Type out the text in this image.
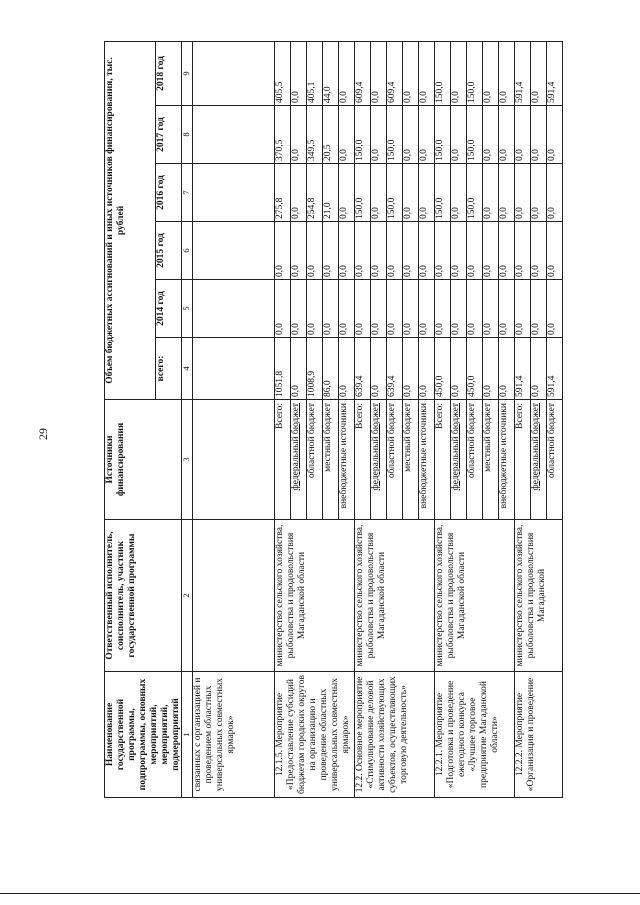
29
Наименование государственной программы, подпрограммы, основных мероприятий, мероприятий, подмероприятий	Ответственный исполнитель, соисполнитель, участник государственной программы	Источники финансирования	Объем бюджетных ассигнований и иных источников финансирования, тыс. рублей					
			всего:	2014 год	2015 год	2016 год	2017 год	2018 год
1	2	3	4	5	6	7	8	9
связанных с организацией и проведением областных универсальных совместных ярмарок»								
12.1.5. Мероприятие «Предоставление субсидий бюджетам городских округов на организацию и проведение областных универсальных совместных ярмарок»	министерство сельского хозяйства, рыболовства и продовольствия Магаданской области	Всего:	1051,8	0,0	0,0	275,8	370,5	405,5
		федеральный бюджет	0,0	0,0	0,0	0,0	0,0	0,0
		областной бюджет	1008,9	0,0	0,0	254,8	349,5	405,1
		местный бюджет	86,0	0,0	0,0	21,0	20,5	44,0
		внебюджетные источники	0,0	0,0	0,0	0,0	0,0	0,0
12.2. Основное мероприятие «Стимулирование деловой активности хозяйствующих субъектов, осуществляющих торговую деятельность»	министерство сельского хозяйства, рыболовства и продовольствия Магаданской области	Всего:	639,4	0,0	0,0	150,0	150,0	609,4
		федеральный бюджет	0,0	0,0	0,0	0,0	0,0	0,0
		областной бюджет	639,4	0,0	0,0	150,0	150,0	609,4
		местный бюджет	0,0	0,0	0,0	0,0	0,0	0,0
		внебюджетные источники	0,0	0,0	0,0	0,0	0,0	0,0
12.2.1. Мероприятие «Подготовка и проведение ежегодного конкурса «Лучшее торговое предприятие Магаданской области»	министерство сельского хозяйства, рыболовства и продовольствия Магаданской области	Всего:	450,0	0,0	0,0	150,0	150,0	150,0
		федеральный бюджет	0,0	0,0	0,0	0,0	0,0	0,0
		областной бюджет	450,0	0,0	0,0	150,0	150,0	150,0
		местный бюджет	0,0	0,0	0,0	0,0	0,0	0,0
		внебюджетные источники	0,0	0,0	0,0	0,0	0,0	0,0
12.2.2. Мероприятие «Организация и проведение	министерство сельского хозяйства, рыболовства и продовольствия Магаданской	Всего:	591,4	0,0	0,0	0,0	0,0	591,4
		федеральный бюджет	0,0	0,0	0,0	0,0	0,0	0,0
		областной бюджет	591,4	0,0	0,0	0,0	0,0	591,4
